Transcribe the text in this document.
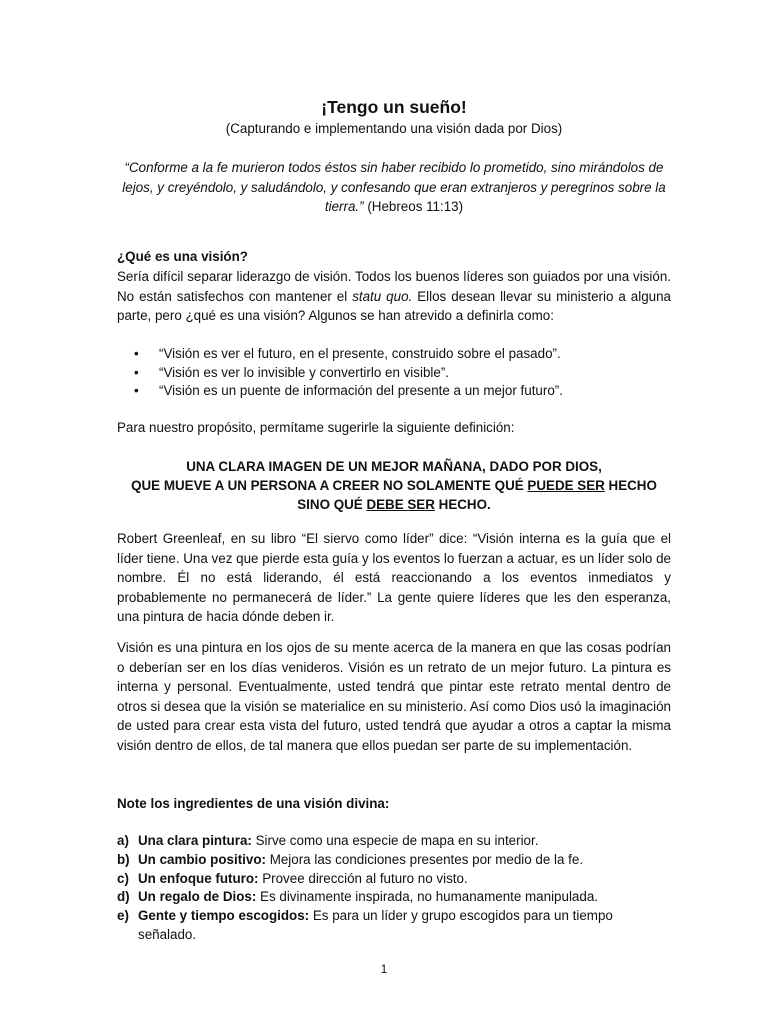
¡Tengo un sueño!
(Capturando e implementando una visión dada por Dios)
“Conforme a la fe murieron todos éstos sin haber recibido lo prometido, sino mirándolos de lejos, y creyéndolo, y saludándolo, y confesando que eran extranjeros y peregrinos sobre la tierra.” (Hebreos 11:13)
¿Qué es una visión?
Sería difícil separar liderazgo de visión. Todos los buenos líderes son guiados por una visión. No están satisfechos con mantener el statu quo. Ellos desean llevar su ministerio a alguna parte, pero ¿qué es una visión? Algunos se han atrevido a definirla como:
• “Visión es ver el futuro, en el presente, construido sobre el pasado”.
• “Visión es ver lo invisible y convertirlo en visible”.
• “Visión es un puente de información del presente a un mejor futuro”.
Para nuestro propósito, permítame sugerirle la siguiente definición:
UNA CLARA IMAGEN DE UN MEJOR MAÑANA, DADO POR DIOS,
QUE MUEVE A UN PERSONA A CREER NO SOLAMENTE QUÉ PUEDE SER HECHO
SINO QUÉ DEBE SER HECHO.
Robert Greenleaf, en su libro “El siervo como líder” dice: “Visión interna es la guía que el líder tiene. Una vez que pierde esta guía y los eventos lo fuerzan a actuar, es un líder solo de nombre. Él no está liderando, él está reaccionando a los eventos inmediatos y probablemente no permanecerá de líder.” La gente quiere líderes que les den esperanza, una pintura de hacia dónde deben ir.
Visión es una pintura en los ojos de su mente acerca de la manera en que las cosas podrían o deberían ser en los días venideros. Visión es un retrato de un mejor futuro. La pintura es interna y personal. Eventualmente, usted tendrá que pintar este retrato mental dentro de otros si desea que la visión se materialice en su ministerio. Así como Dios usó la imaginación de usted para crear esta vista del futuro, usted tendrá que ayudar a otros a captar la misma visión dentro de ellos, de tal manera que ellos puedan ser parte de su implementación.
Note los ingredientes de una visión divina:
a) Una clara pintura: Sirve como una especie de mapa en su interior.
b) Un cambio positivo: Mejora las condiciones presentes por medio de la fe.
c) Un enfoque futuro: Provee dirección al futuro no visto.
d) Un regalo de Dios: Es divinamente inspirada, no humanamente manipulada.
e) Gente y tiempo escogidos: Es para un líder y grupo escogidos para un tiempo señalado.
1
